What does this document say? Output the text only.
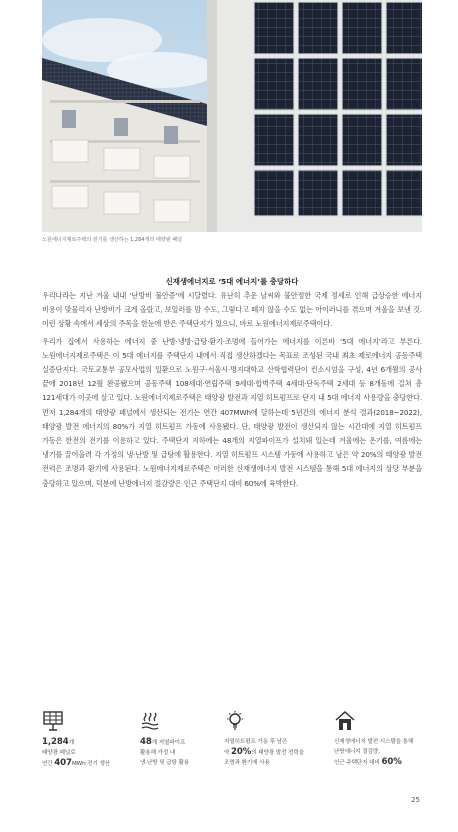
노원에너지제로주택의 전기를 생산하는 1,284개의 태양광 패널
신재생에너지로 ‘5대 에너지’를 충당하다

우리나라는 지난 겨울 내내 ‘난방비 불안증’에 시달렸다. 유난히 추운 날씨와 불안정한 국제 정세로 인해 급상승한 에너지 비용이 맞물리자 난방비가 크게 올랐고, 보일러를 맘 수도, 그렇다고 떼지 않을 수도 없는 아이러니를 겪으며 겨울을 보낸 것. 이런 상황 속에서 세상의 주목을 한눈에 받은 주택단지가 있으니, 바로 노원에너지제로주택이다.

우리가 집에서 사용하는 에너지 중 난방·냉방·급탕·환기·조명에 들어가는 에너지를 이른바 ‘5대 에너지’라고 부른다. 노원에너지제로주택은 이 5대 에너지를 주택단지 내에서 직접 생산하겠다는 목표로 조성된 국내 최초 제로에너지 공동주택 실증단지다. 국토교통부 공모사업의 일환으로 노원구·서울시·명지대학교 산학협력단이 컨소시엄을 구성, 4년 6개월의 공사 끝에 2018년 12월 완공됐으며 공동주택 108세대·연립주택 9세대·합벽주택 4세대·단독주택 2세대 등 8개동에 걸쳐 총 121세대가 이곳에 살고 있다. 노원에너지제로주택은 태양광 발전과 지열 히트펌프로 단지 내 5대 에너지 사용량을 충당한다. 먼저 1,284개의 태양광 패널에서 생산되는 전기는 연간 407MWh에 달하는데 5년간의 에너지 분석 결과(2018~2022), 태양광 발전 에너지의 80%가 지열 히트펌프 가동에 사용됐다. 단, 태양광 발전이 생산되지 않는 시간대에 지열 히트펌프 가동은 한전의 전기를 이용하고 있다. 주택단지 지하에는 48개의 지열파이프가 설치돼 있는데 겨울에는 온기를, 여름에는 냉기를 끌어올려 각 가정의 냉·난방 및 급탕에 활용한다. 지열 히트펌프 시스템 가동에 사용하고 남은 약 20%의 태양광 발전 전력은 조명과 환기에 사용된다. 노원에너지제로주택은 이러한 신재생에너지 발전 시스템을 통해 5대 에너지의 상당 부분을 충당하고 있으며, 덕분에 난방에너지 절감량은 인근 주택단지 대비 60%에 육박한다.

1,284개
태양광 패널로
연간 407MWh 전기 생산
48개 지열파이프
활용해 가정 내
냉·난방 및 급탕 활용
지열히트펌프 가동 후 남은
약 20%의 태양광 발전 전력을
조명과 환기에 사용
신재생에너지 발전 시스템을 통해
난방에너지 절감량,
인근 주택단지 대비 60%
25
